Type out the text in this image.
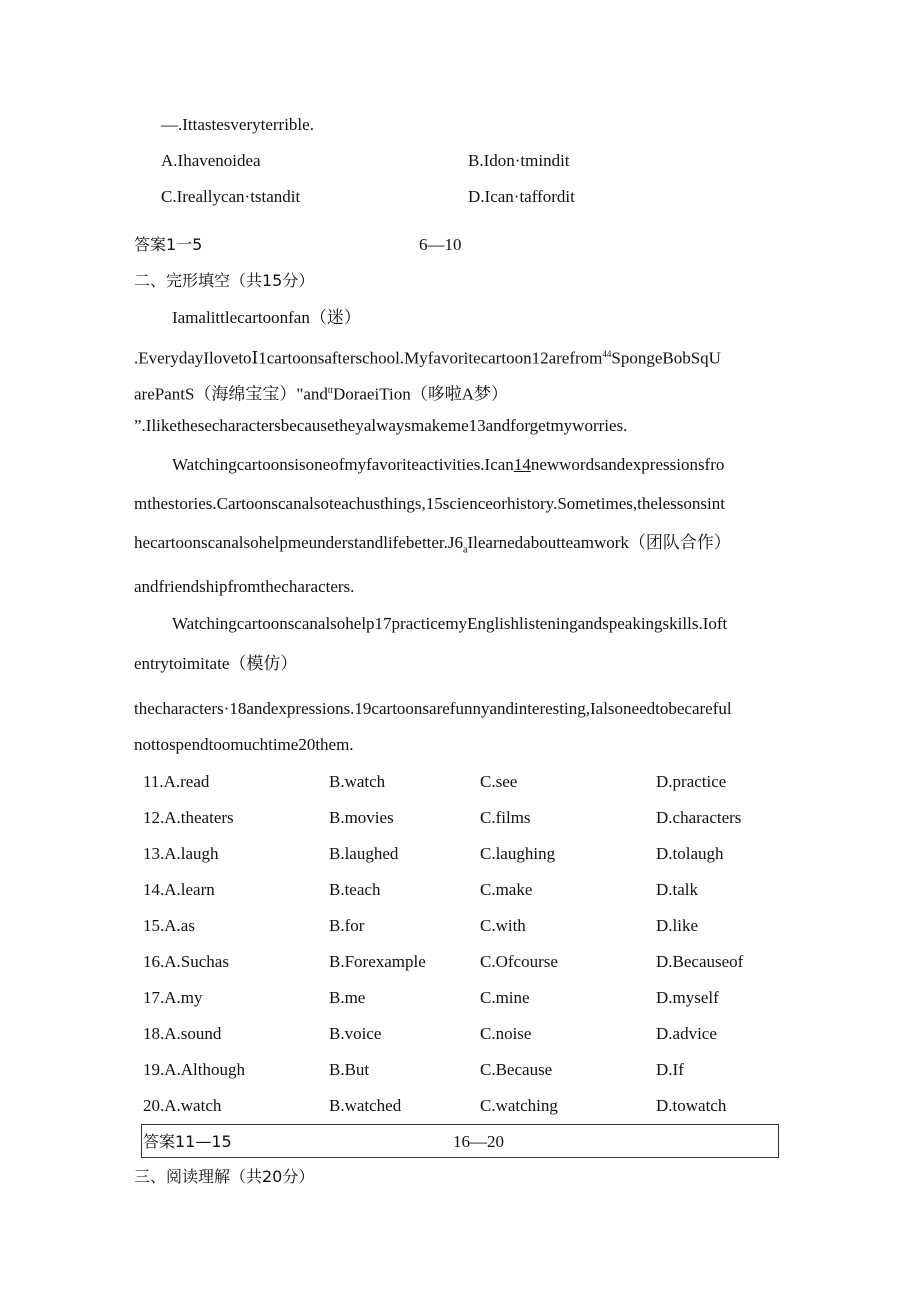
—.Ittastesveryterrible.
A.Ihavenoidea	B.Idon·tmindit
C.Ireallycan·tstandit	D.Ican·taffordit
答案1一5	6—10
二、完形填空（共15分）
Iamalittlecartoonfan（迷）
.EverydayIlovetoⅠ1cartoonsafterschool.Myfavoritecartoon12arefrom$^{44}$SpongeBobSqU
arePantS（海绵宝宝）"and$^{tt}$DoraeiTion（哆啦A梦）
”.Ilikethesecharactersbecausetheyalwaysmakeme13andforgetmyworries.
Watchingcartoonsisoneofmyfavoriteactivities.Ican14newwordsandexpressionsfro
mthestories.Cartoonscanalsoteachusthings,15scienceorhistory.Sometimes,thelessonsint
$hecartoonscanalsohelpmeunderstandlifebetter.J6_aIlearnedaboutteamwork$（团队合作）
andfriendshipfromthecharacters.
Watchingcartoonscanalsohelp17practicemyEnglishlisteningandspeakingskills.Ioft
entrytoimitate（模仿）
thecharacters·18andexpressions.19cartoonsarefunnyandinteresting,Ialsoneedtobecareful
nottospendtoomuchtime20them.
11.A.read	B.watch	C.see	D.practice
12.A.theaters	B.movies	C.films	D.characters
13.A.laugh	B.laughed	C.laughing	D.tolaugh
14.A.learn	B.teach	C.make	D.talk
15.A.as	B.for	C.with	D.like
16.A.Suchas	B.Forexample	C.Ofcourse	D.Becauseof
17.A.my	B.me	C.mine	D.myself
18.A.sound	B.voice	C.noise	D.advice
19.A.Although	B.But	C.Because	D.If
20.A.watch	B.watched	C.watching	D.towatch
答案11—15	16—20
三、阅读理解（共20分）
